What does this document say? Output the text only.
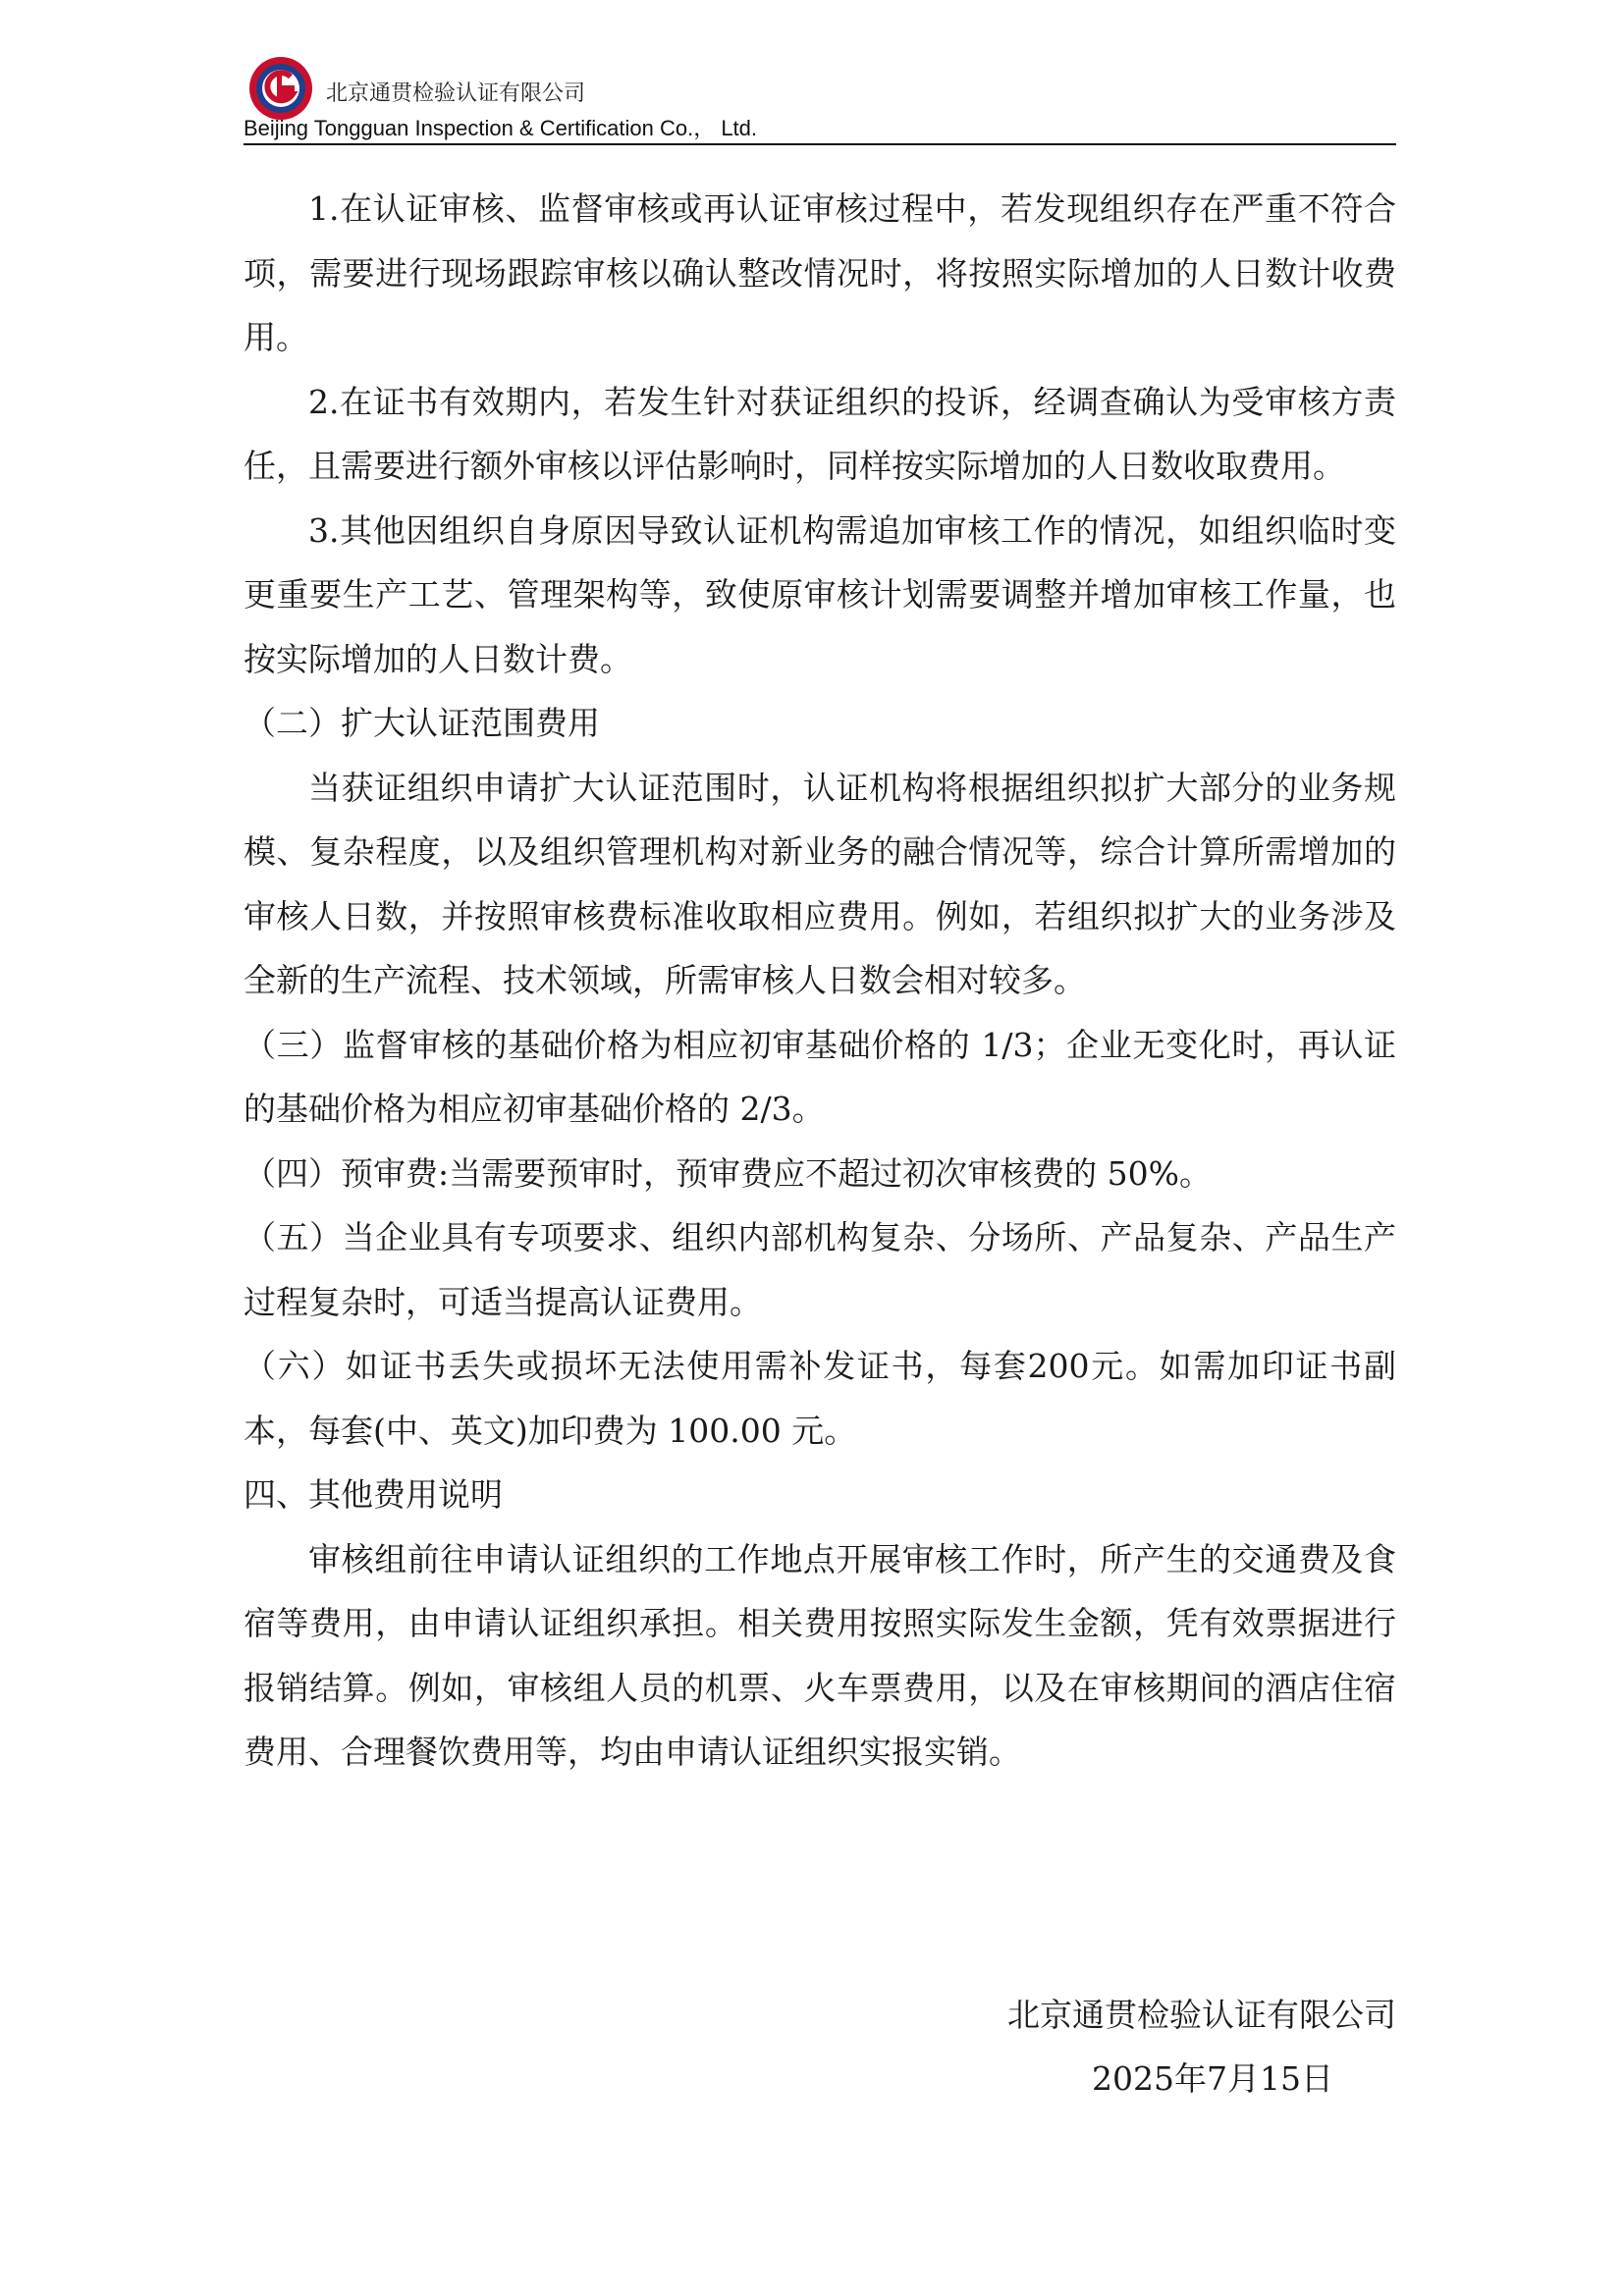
北京通贯检验认证有限公司
Beijing Tongguan Inspection & Certification Co.， Ltd.

1.在认证审核、监督审核或再认证审核过程中，若发现组织存在严重不符合项，需要进行现场跟踪审核以确认整改情况时，将按照实际增加的人日数计收费用。

2.在证书有效期内，若发生针对获证组织的投诉，经调查确认为受审核方责任，且需要进行额外审核以评估影响时，同样按实际增加的人日数收取费用。

3.其他因组织自身原因导致认证机构需追加审核工作的情况，如组织临时变更重要生产工艺、管理架构等，致使原审核计划需要调整并增加审核工作量，也按实际增加的人日数计费。

（二）扩大认证范围费用

当获证组织申请扩大认证范围时，认证机构将根据组织拟扩大部分的业务规模、复杂程度，以及组织管理机构对新业务的融合情况等，综合计算所需增加的审核人日数，并按照审核费标准收取相应费用。例如，若组织拟扩大的业务涉及全新的生产流程、技术领域，所需审核人日数会相对较多。

（三）监督审核的基础价格为相应初审基础价格的 1/3；企业无变化时，再认证的基础价格为相应初审基础价格的 2/3。

（四）预审费:当需要预审时，预审费应不超过初次审核费的 50%。

（五）当企业具有专项要求、组织内部机构复杂、分场所、产品复杂、产品生产过程复杂时，可适当提高认证费用。

（六）如证书丢失或损坏无法使用需补发证书，每套200元。如需加印证书副本，每套(中、英文)加印费为 100.00 元。

四、其他费用说明

审核组前往申请认证组织的工作地点开展审核工作时，所产生的交通费及食宿等费用，由申请认证组织承担。相关费用按照实际发生金额，凭有效票据进行报销结算。例如，审核组人员的机票、火车票费用，以及在审核期间的酒店住宿费用、合理餐饮费用等，均由申请认证组织实报实销。

北京通贯检验认证有限公司
2025年7月15日
